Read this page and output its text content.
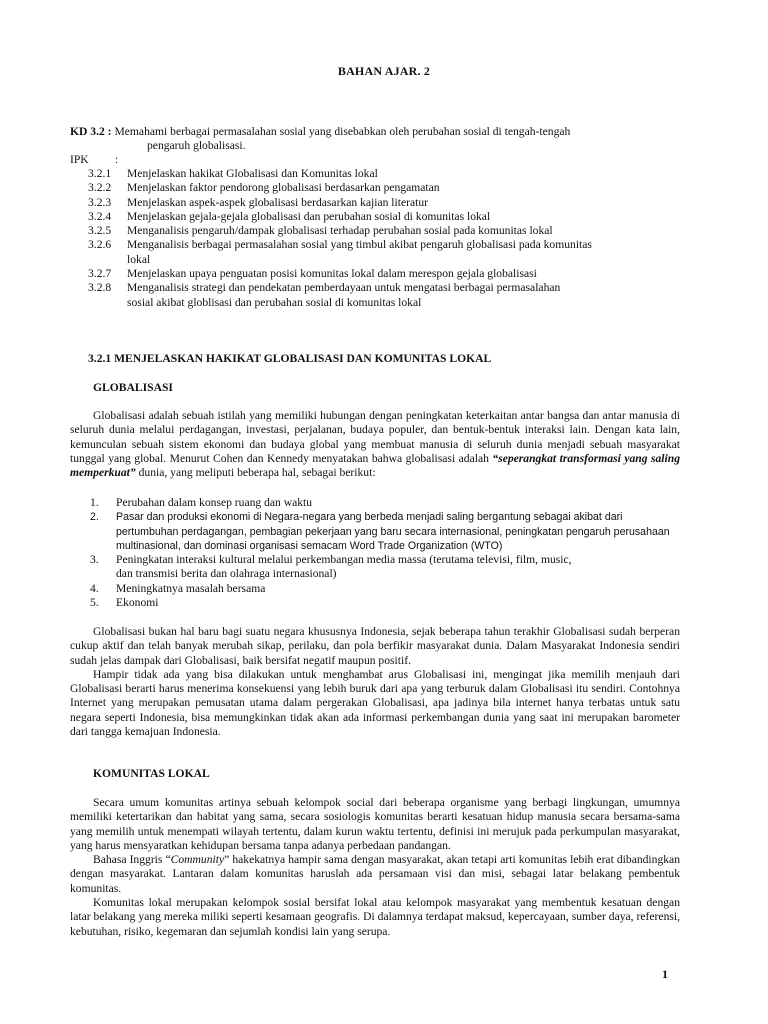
BAHAN AJAR. 2
KD 3.2 : Memahami berbagai permasalahan sosial yang disebabkan oleh perubahan sosial di tengah-tengah
pengaruh globalisasi.
IPK :
3.2.1	Menjelaskan hakikat Globalisasi dan Komunitas lokal
3.2.2	Menjelaskan faktor pendorong globalisasi berdasarkan pengamatan
3.2.3	Menjelaskan aspek-aspek globalisasi berdasarkan kajian literatur
3.2.4	Menjelaskan gejala-gejala globalisasi dan perubahan sosial di komunitas lokal
3.2.5	Menganalisis pengaruh/dampak globalisasi terhadap perubahan sosial pada komunitas lokal
3.2.6	Menganalisis berbagai permasalahan sosial yang timbul akibat pengaruh globalisasi pada komunitas
lokal
3.2.7	Menjelaskan upaya penguatan posisi komunitas lokal dalam merespon gejala globalisasi
3.2.8	Menganalisis strategi dan pendekatan pemberdayaan untuk mengatasi berbagai permasalahan
sosial akibat globlisasi dan perubahan sosial di komunitas lokal
3.2.1 MENJELASKAN HAKIKAT GLOBALISASI DAN KOMUNITAS LOKAL
GLOBALISASI

Globalisasi adalah sebuah istilah yang memiliki hubungan dengan peningkatan keterkaitan antar bangsa dan antar manusia di seluruh dunia melalui perdagangan, investasi, perjalanan, budaya populer, dan bentuk-bentuk interaksi lain. Dengan kata lain, kemunculan sebuah sistem ekonomi dan budaya global yang membuat manusia di seluruh dunia menjadi sebuah masyarakat tunggal yang global. Menurut Cohen dan Kennedy menyatakan bahwa globalisasi adalah “seperangkat transformasi yang saling memperkuat” dunia, yang meliputi beberapa hal, sebagai berikut:

1.	Perubahan dalam konsep ruang dan waktu
2.	Pasar dan produksi ekonomi di Negara-negara yang berbeda menjadi saling bergantung sebagai akibat dari
pertumbuhan perdagangan, pembagian pekerjaan yang baru secara internasional, peningkatan pengaruh perusahaan multinasional, dan dominasi organisasi semacam Word Trade Organization (WTO)
3.	Peningkatan interaksi kultural melalui perkembangan media massa (terutama televisi, film, music,
dan transmisi berita dan olahraga internasional)
4.	Meningkatnya masalah bersama
5.	Ekonomi

Globalisasi bukan hal baru bagi suatu negara khususnya Indonesia, sejak beberapa tahun terakhir Globalisasi sudah berperan cukup aktif dan telah banyak merubah sikap, perilaku, dan pola berfikir masyarakat dunia. Dalam Masyarakat Indonesia sendiri sudah jelas dampak dari Globalisasi, baik bersifat negatif maupun positif.

Hampir tidak ada yang bisa dilakukan untuk menghambat arus Globalisasi ini, mengingat jika memilih menjauh dari Globalisasi berarti harus menerima konsekuensi yang lebih buruk dari apa yang terburuk dalam Globalisasi itu sendiri. Contohnya Internet yang merupakan pemusatan utama dalam pergerakan Globalisasi, apa jadinya bila internet hanya terbatas untuk satu negara seperti Indonesia, bisa memungkinkan tidak akan ada informasi perkembangan dunia yang saat ini merupakan barometer dari tangga kemajuan Indonesia.

KOMUNITAS LOKAL

Secara umum komunitas artinya sebuah kelompok social dari beberapa organisme yang berbagi lingkungan, umumnya memiliki ketertarikan dan habitat yang sama, secara sosiologis komunitas berarti kesatuan hidup manusia secara bersama-sama yang memilih untuk menempati wilayah tertentu, dalam kurun waktu tertentu, definisi ini merujuk pada perkumpulan masyarakat, yang harus mensyaratkan kehidupan bersama tanpa adanya perbedaan pandangan.

Bahasa Inggris “Community” hakekatnya hampir sama dengan masyarakat, akan tetapi arti komunitas lebih erat dibandingkan dengan masyarakat. Lantaran dalam komunitas haruslah ada persamaan visi dan misi, sebagai latar belakang pembentuk komunitas.

Komunitas lokal merupakan kelompok sosial bersifat lokal atau kelompok masyarakat yang membentuk kesatuan dengan latar belakang yang mereka miliki seperti kesamaan geografis. Di dalamnya terdapat maksud, kepercayaan, sumber daya, referensi, kebutuhan, risiko, kegemaran dan sejumlah kondisi lain yang serupa.

1
